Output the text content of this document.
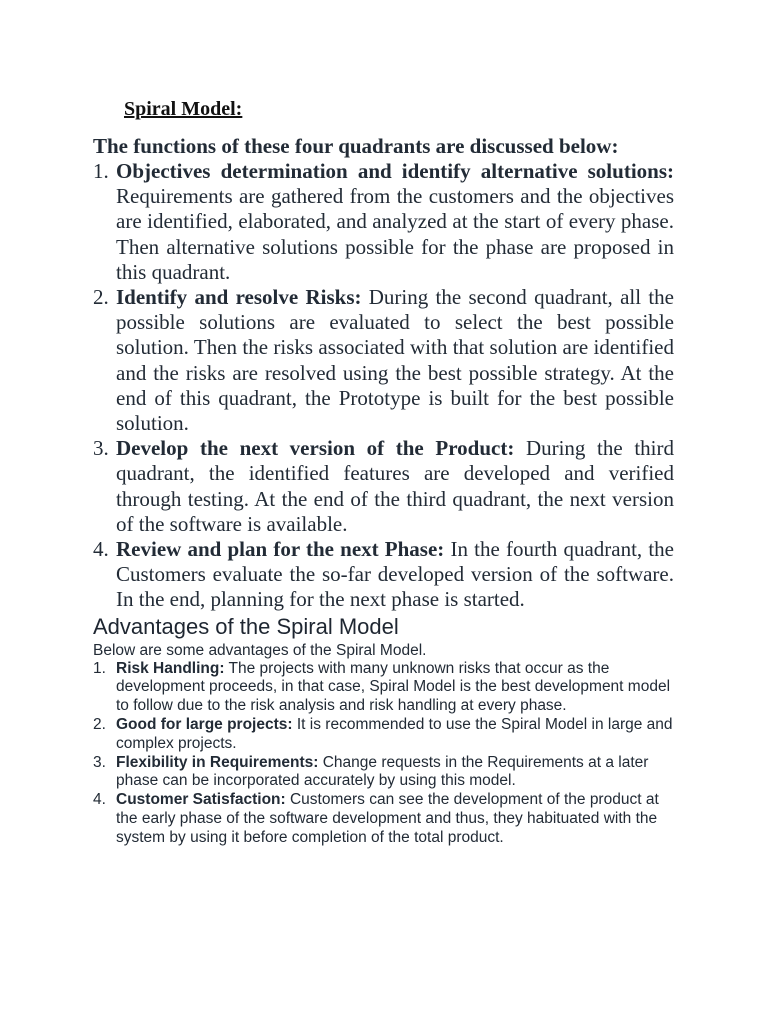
Spiral Model:

The functions of these four quadrants are discussed below:

1. Objectives determination and identify alternative solutions: Requirements are gathered from the customers and the objectives are identified, elaborated, and analyzed at the start of every phase. Then alternative solutions possible for the phase are proposed in this quadrant.
2. Identify and resolve Risks: During the second quadrant, all the possible solutions are evaluated to select the best possible solution. Then the risks associated with that solution are identified and the risks are resolved using the best possible strategy. At the end of this quadrant, the Prototype is built for the best possible solution.
3. Develop the next version of the Product: During the third quadrant, the identified features are developed and verified through testing. At the end of the third quadrant, the next version of the software is available.
4. Review and plan for the next Phase: In the fourth quadrant, the Customers evaluate the so-far developed version of the software. In the end, planning for the next phase is started.
Advantages of the Spiral Model

Below are some advantages of the Spiral Model.

1. Risk Handling: The projects with many unknown risks that occur as the development proceeds, in that case, Spiral Model is the best development model to follow due to the risk analysis and risk handling at every phase.
2. Good for large projects: It is recommended to use the Spiral Model in large and complex projects.
3. Flexibility in Requirements: Change requests in the Requirements at a later phase can be incorporated accurately by using this model.
4. Customer Satisfaction: Customers can see the development of the product at the early phase of the software development and thus, they habituated with the system by using it before completion of the total product.
